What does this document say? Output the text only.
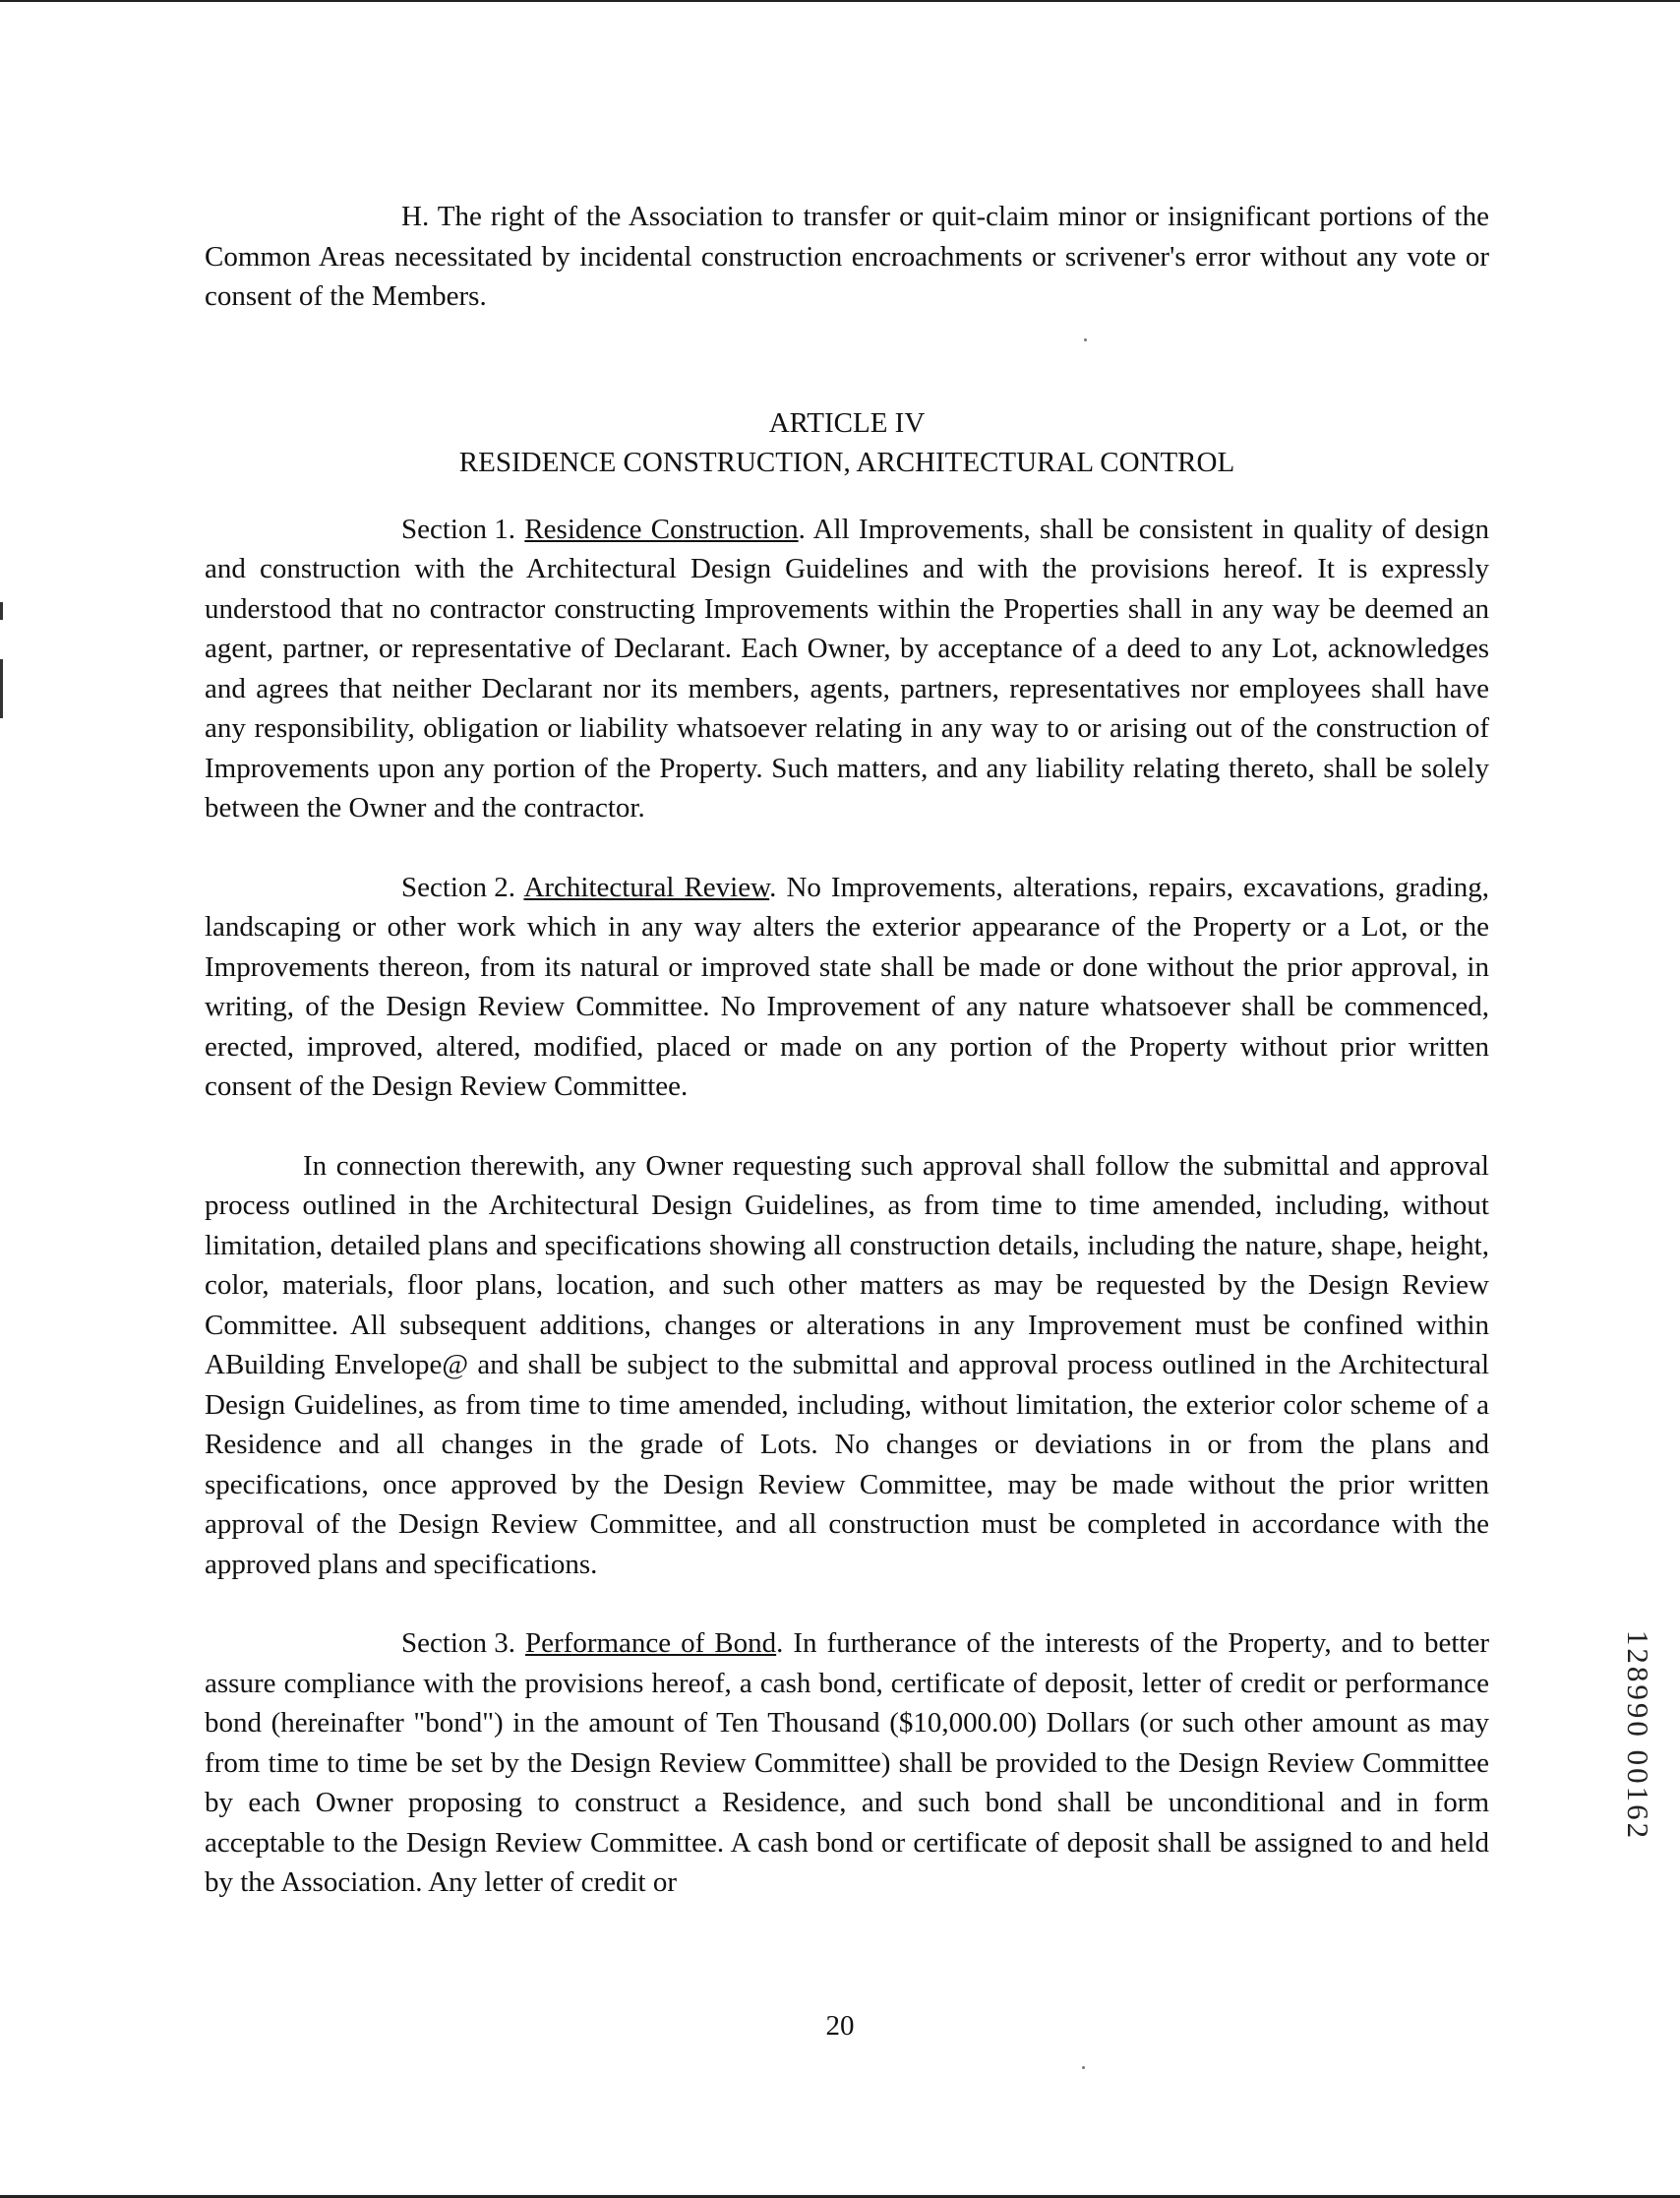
H. The right of the Association to transfer or quit-claim minor or insignificant portions of the Common Areas necessitated by incidental construction encroachments or scrivener's error without any vote or consent of the Members.

ARTICLE IV

RESIDENCE CONSTRUCTION, ARCHITECTURAL CONTROL

Section 1. Residence Construction. All Improvements, shall be consistent in quality of design and construction with the Architectural Design Guidelines and with the provisions hereof. It is expressly understood that no contractor constructing Improvements within the Properties shall in any way be deemed an agent, partner, or representative of Declarant. Each Owner, by acceptance of a deed to any Lot, acknowledges and agrees that neither Declarant nor its members, agents, partners, representatives nor employees shall have any responsibility, obligation or liability whatsoever relating in any way to or arising out of the construction of Improvements upon any portion of the Property. Such matters, and any liability relating thereto, shall be solely between the Owner and the contractor.

Section 2. Architectural Review. No Improvements, alterations, repairs, excavations, grading, landscaping or other work which in any way alters the exterior appearance of the Property or a Lot, or the Improvements thereon, from its natural or improved state shall be made or done without the prior approval, in writing, of the Design Review Committee. No Improvement of any nature whatsoever shall be commenced, erected, improved, altered, modified, placed or made on any portion of the Property without prior written consent of the Design Review Committee.

In connection therewith, any Owner requesting such approval shall follow the submittal and approval process outlined in the Architectural Design Guidelines, as from time to time amended, including, without limitation, detailed plans and specifications showing all construction details, including the nature, shape, height, color, materials, floor plans, location, and such other matters as may be requested by the Design Review Committee. All subsequent additions, changes or alterations in any Improvement must be confined within ABuilding Envelope@ and shall be subject to the submittal and approval process outlined in the Architectural Design Guidelines, as from time to time amended, including, without limitation, the exterior color scheme of a Residence and all changes in the grade of Lots. No changes or deviations in or from the plans and specifications, once approved by the Design Review Committee, may be made without the prior written approval of the Design Review Committee, and all construction must be completed in accordance with the approved plans and specifications.

Section 3. Performance of Bond. In furtherance of the interests of the Property, and to better assure compliance with the provisions hereof, a cash bond, certificate of deposit, letter of credit or performance bond (hereinafter "bond") in the amount of Ten Thousand ($10,000.00) Dollars (or such other amount as may from time to time be set by the Design Review Committee) shall be provided to the Design Review Committee by each Owner proposing to construct a Residence, and such bond shall be unconditional and in form acceptable to the Design Review Committee. A cash bond or certificate of deposit shall be assigned to and held by the Association. Any letter of credit or

128990 00162
20
